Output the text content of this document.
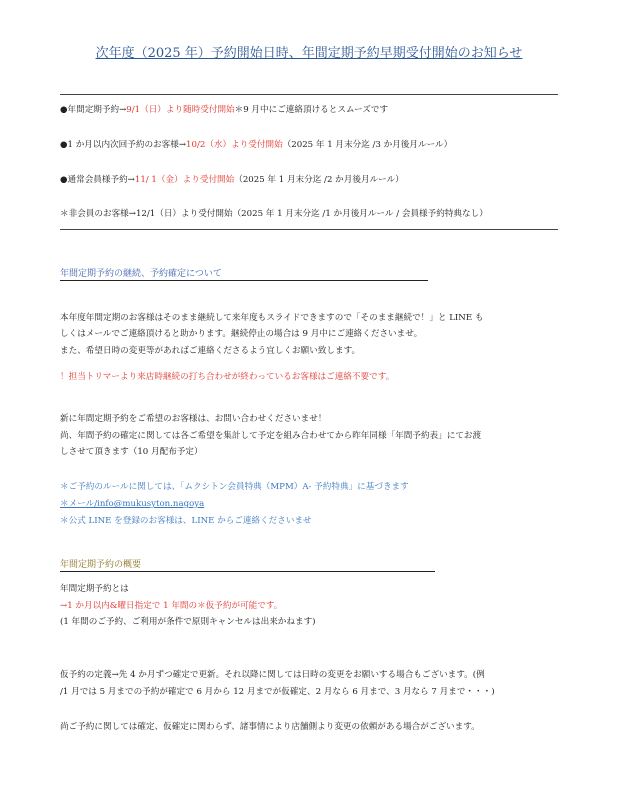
次年度（2025 年）予約開始日時、年間定期予約早期受付開始のお知らせ
●年間定期予約→9/1（日）より随時受付開始＊9 月中にご連絡頂けるとスムーズです
●1 か月以内次回予約のお客様→10/2（水）より受付開始（2025 年 1 月末分迄 /3 か月後月ルール）
●通常会員様予約→11/ 1（金）より受付開始（2025 年 1 月末分迄 /2 か月後月ルール）
＊非会員のお客様→12/1（日）より受付開始（2025 年 1 月末分迄 /1 か月後月ルール / 会員様予約特典なし）
年間定期予約の継続、予約確定について
本年度年間定期のお客様はそのまま継続して来年度もスライドできますので「そのまま継続で！」と LINE も
しくはメールでご連絡頂けると助かります。継続停止の場合は 9 月中にご連絡くださいませ。
また、希望日時の変更等があればご連絡くださるよう宜しくお願い致します。
！担当トリマーより来店時継続の打ち合わせが終わっているお客様はご連絡不要です。
新に年間定期予約をご希望のお客様は、お問い合わせくださいませ！
尚、年間予約の確定に関しては各ご希望を集計して予定を組み合わせてから昨年同様「年間予約表」にてお渡
しさせて頂きます（10 月配布予定）
＊ご予約のルールに関しては、「ムクシトン会員特典（MPM）A- 予約特典」に基づきます
＊メール/info@mukusyton.nagoya
＊公式 LINE を登録のお客様は、LINE からご連絡くださいませ
年間定期予約の概要
年間定期予約とは
→1 か月以内&曜日指定で 1 年間の＊仮予約が可能です。
(1 年間のご予約、ご利用が条件で原則キャンセルは出来かねます)
仮予約の定義→先 4 か月ずつ確定で更新。それ以降に関しては日時の変更をお願いする場合もございます。(例
/1 月では 5 月までの予約が確定で 6 月から 12 月までが仮確定、2 月なら 6 月まで、3 月なら 7 月まで・・・)
尚ご予約に関しては確定、仮確定に関わらず、諸事情により店舗側より変更の依頼がある場合がございます。
